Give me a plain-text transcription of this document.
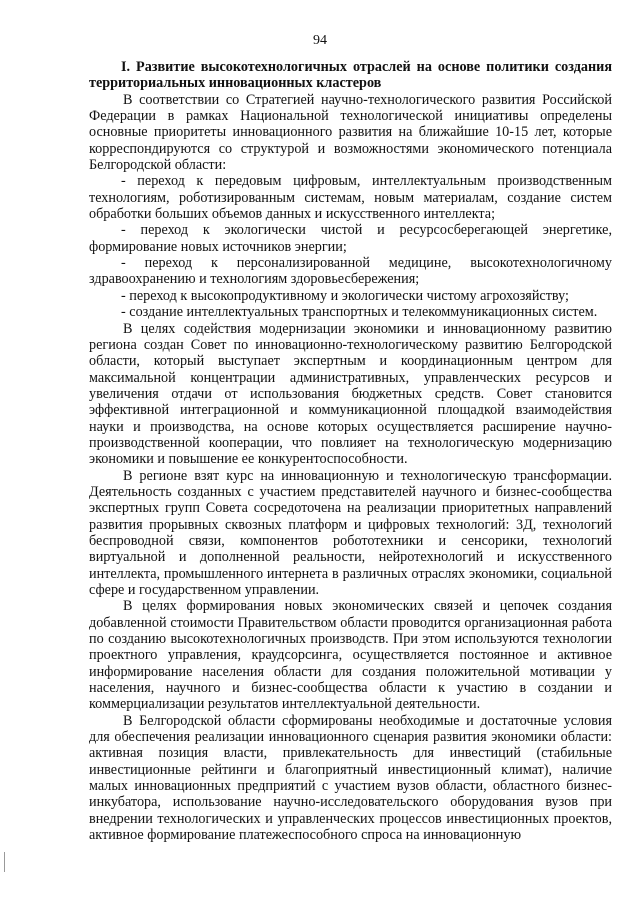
94

I. Развитие высокотехнологичных отраслей на основе политики создания территориальных инновационных кластеров

В соответствии со Стратегией научно-технологического развития Российской Федерации в рамках Национальной технологической инициативы определены основные приоритеты инновационного развития на ближайшие 10-15 лет, которые корреспондируются со структурой и возможностями экономического потенциала Белгородской области:

- переход к передовым цифровым, интеллектуальным производственным технологиям, роботизированным системам, новым материалам, создание систем обработки больших объемов данных и искусственного интеллекта;

- переход к экологически чистой и ресурсосберегающей энергетике, формирование новых источников энергии;

- переход к персонализированной медицине, высокотехнологичному здравоохранению и технологиям здоровьесбережения;

- переход к высокопродуктивному и экологически чистому агрохозяйству;

- создание интеллектуальных транспортных и телекоммуникационных систем.

В целях содействия модернизации экономики и инновационному развитию региона создан Совет по инновационно-технологическому развитию Белгородской области, который выступает экспертным и координационным центром для максимальной концентрации административных, управленческих ресурсов и увеличения отдачи от использования бюджетных средств. Совет становится эффективной интеграционной и коммуникационной площадкой взаимодействия науки и производства, на основе которых осуществляется расширение научно-производственной кооперации, что повлияет на технологическую модернизацию экономики и повышение ее конкурентоспособности.

В регионе взят курс на инновационную и технологическую трансформации. Деятельность созданных с участием представителей научного и бизнес-сообщества экспертных групп Совета сосредоточена на реализации приоритетных направлений развития прорывных сквозных платформ и цифровых технологий: 3Д, технологий беспроводной связи, компонентов робототехники и сенсорики, технологий виртуальной и дополненной реальности, нейротехнологий и искусственного интеллекта, промышленного интернета в различных отраслях экономики, социальной сфере и государственном управлении.

В целях формирования новых экономических связей и цепочек создания добавленной стоимости Правительством области проводится организационная работа по созданию высокотехнологичных производств. При этом используются технологии проектного управления, краудсорсинга, осуществляется постоянное и активное информирование населения области для создания положительной мотивации у населения, научного и бизнес-сообщества области к участию в создании и коммерциализации результатов интеллектуальной деятельности.

В Белгородской области сформированы необходимые и достаточные условия для обеспечения реализации инновационного сценария развития экономики области: активная позиция власти, привлекательность для инвестиций (стабильные инвестиционные рейтинги и благоприятный инвестиционный климат), наличие малых инновационных предприятий с участием вузов области, областного бизнес-инкубатора, использование научно-исследовательского оборудования вузов при внедрении технологических и управленческих процессов инвестиционных проектов, активное формирование платежеспособного спроса на инновационную
